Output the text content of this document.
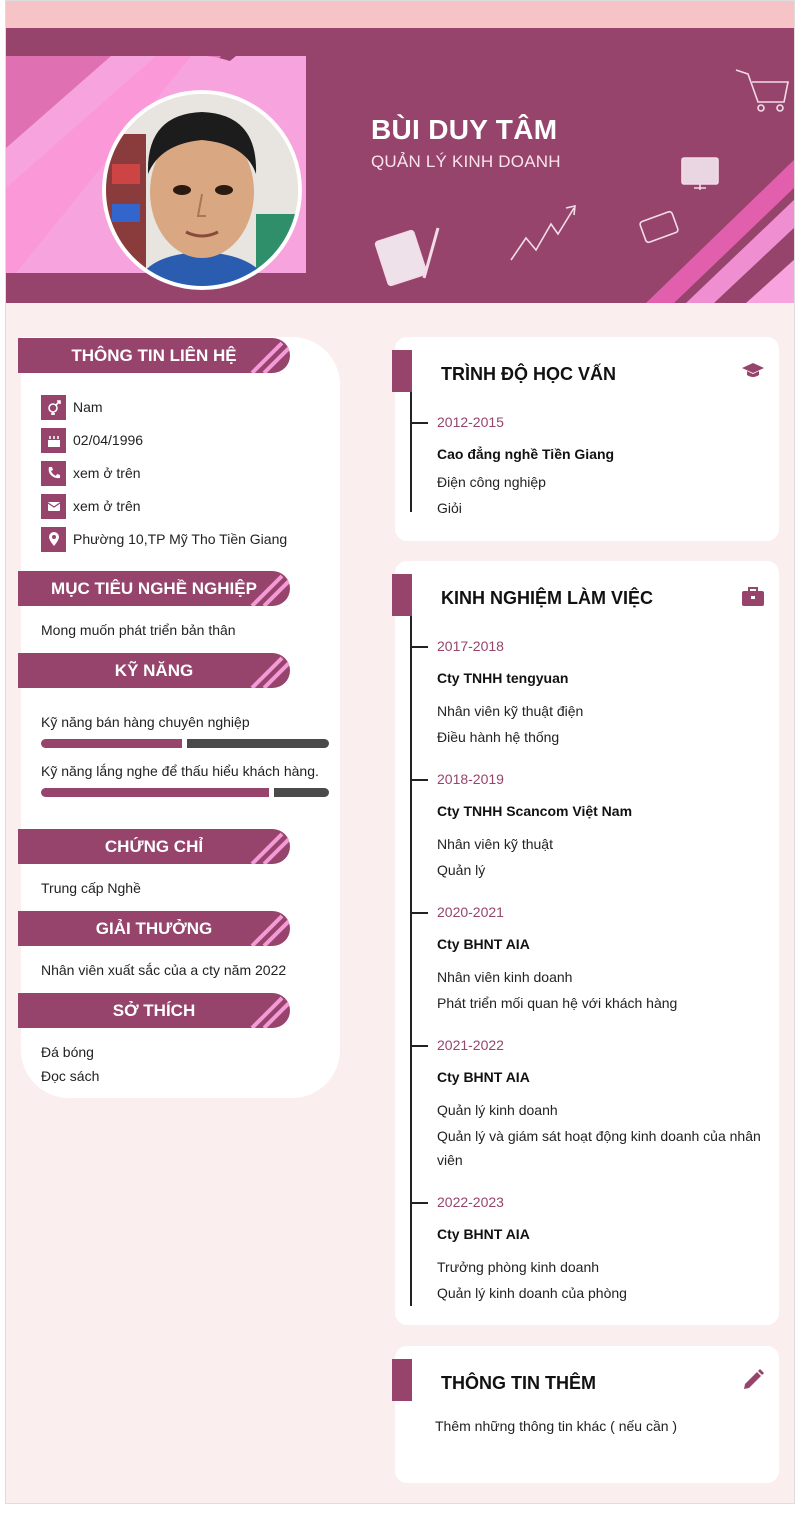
BÙI DUY TÂM
QUẢN LÝ KINH DOANH
THÔNG TIN LIÊN HỆ
Nam
02/04/1996
xem ở trên
xem ở trên
Phường 10,TP Mỹ Tho Tiền Giang
MỤC TIÊU NGHỀ NGHIỆP
Mong muốn phát triển bản thân
KỸ NĂNG
Kỹ năng bán hàng chuyên nghiệp
Kỹ năng lắng nghe để thấu hiểu khách hàng.
CHỨNG CHỈ
Trung cấp Nghề
GIẢI THƯỞNG
Nhân viên xuất sắc của a cty năm 2022
SỞ THÍCH
Đá bóng
Đọc sách
TRÌNH ĐỘ HỌC VẤN
2012-2015
Cao đẳng nghề Tiền Giang
Điện công nghiệp
Giỏi
KINH NGHIỆM LÀM VIỆC
2017-2018
Cty TNHH tengyuan
Nhân viên kỹ thuật điện
Điều hành hệ thống
2018-2019
Cty TNHH Scancom Việt Nam
Nhân viên kỹ thuật
Quản lý
2020-2021
Cty BHNT AIA
Nhân viên kinh doanh
Phát triển mối quan hệ với khách hàng
2021-2022
Cty BHNT AIA
Quản lý kinh doanh
Quản lý và giám sát hoạt động kinh doanh của nhân viên
2022-2023
Cty BHNT AIA
Trưởng phòng kinh doanh
Quản lý kinh doanh của phòng
THÔNG TIN THÊM
Thêm những thông tin khác ( nếu cần )
